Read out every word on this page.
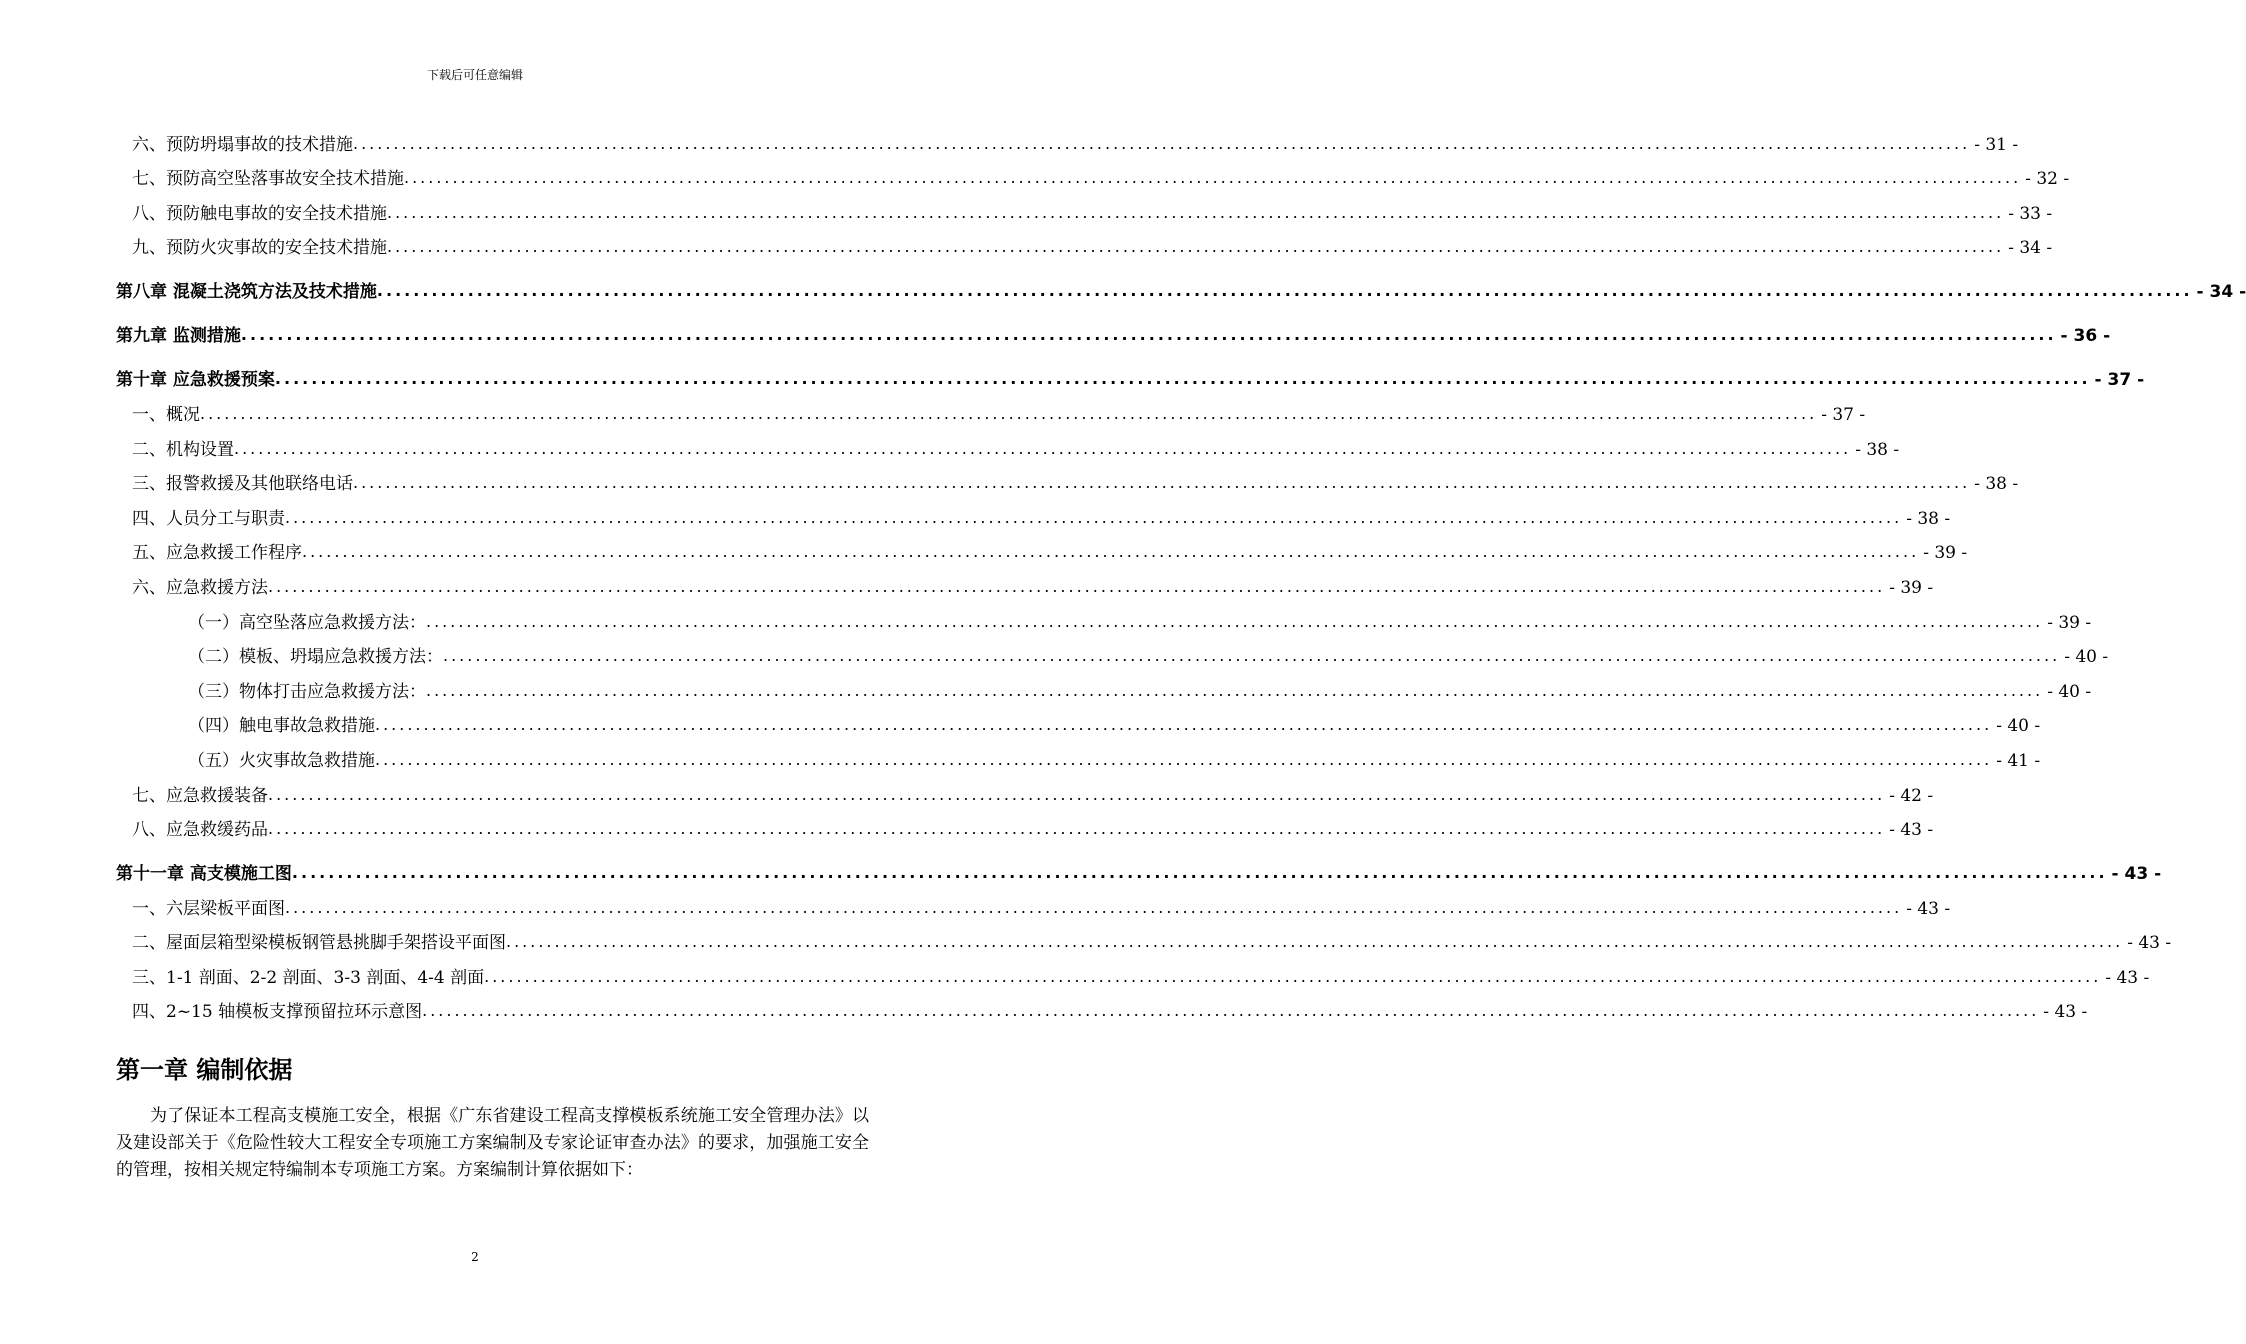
下载后可任意编辑
六、预防坍塌事故的技术措施 ........................................................................................................................................................................................................ - 31 -
七、预防高空坠落事故安全技术措施 ........................................................................................................................................................................................................ - 32 -
八、预防触电事故的安全技术措施 ........................................................................................................................................................................................................ - 33 -
九、预防火灾事故的安全技术措施 ........................................................................................................................................................................................................ - 34 -
第八章 混凝土浇筑方法及技术措施 ........................................................................................................................................................................................................ - 34 -
第九章 监测措施 ........................................................................................................................................................................................................ - 36 -
第十章 应急救援预案 ........................................................................................................................................................................................................ - 37 -
一、概况 ........................................................................................................................................................................................................ - 37 -
二、机构设置 ........................................................................................................................................................................................................ - 38 -
三、报警救援及其他联络电话 ........................................................................................................................................................................................................ - 38 -
四、人员分工与职责 ........................................................................................................................................................................................................ - 38 -
五、应急救援工作程序 ........................................................................................................................................................................................................ - 39 -
六、应急救援方法 ........................................................................................................................................................................................................ - 39 -
（一）高空坠落应急救援方法： ........................................................................................................................................................................................................ - 39 -
（二）模板、坍塌应急救援方法： ........................................................................................................................................................................................................ - 40 -
（三）物体打击应急救援方法： ........................................................................................................................................................................................................ - 40 -
（四）触电事故急救措施 ........................................................................................................................................................................................................ - 40 -
（五）火灾事故急救措施 ........................................................................................................................................................................................................ - 41 -
七、应急救援装备 ........................................................................................................................................................................................................ - 42 -
八、应急救缓药品 ........................................................................................................................................................................................................ - 43 -
第十一章 高支模施工图 ........................................................................................................................................................................................................ - 43 -
一、六层梁板平面图 ........................................................................................................................................................................................................ - 43 -
二、屋面层箱型梁模板钢管悬挑脚手架搭设平面图 ........................................................................................................................................................................................................ - 43 -
三、1-1 剖面、2-2 剖面、3-3 剖面、4-4 剖面 ........................................................................................................................................................................................................ - 43 -
四、2~15 轴模板支撑预留拉环示意图 ........................................................................................................................................................................................................ - 43 -
第一章 编制依据
为了保证本工程高支模施工安全，根据《广东省建设工程高支撑模板系统施工安全管理办法》以及建设部关于《危险性较大工程安全专项施工方案编制及专家论证审查办法》的要求，加强施工安全的管理，按相关规定特编制本专项施工方案。方案编制计算依据如下：
2
